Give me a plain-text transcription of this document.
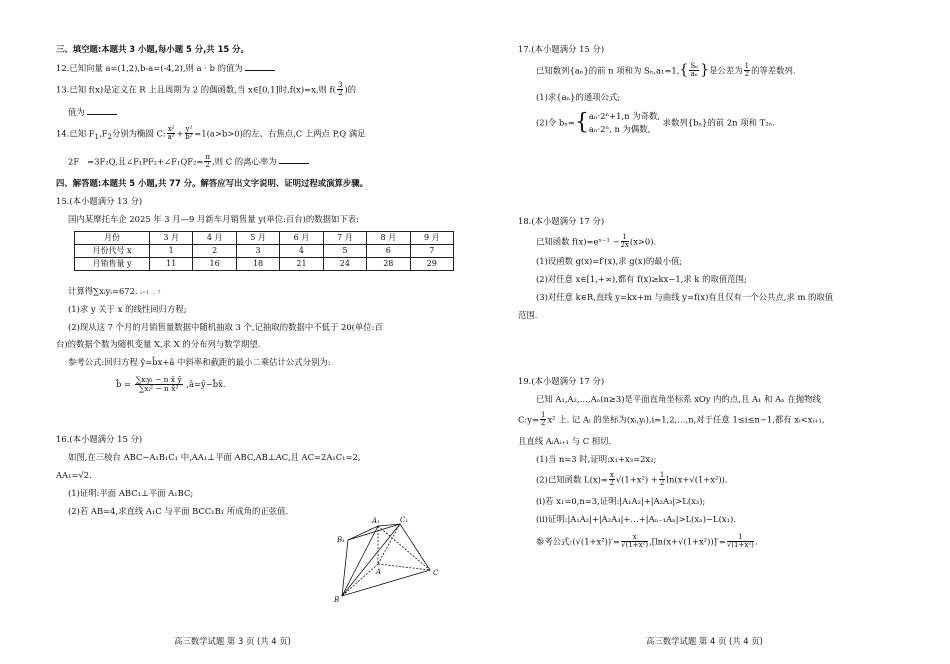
三、填空题:本题共 3 小题,每小题 5 分,共 15 分。
12.已知向量 a=(1,2),b-a=(-4,2),则 a · b 的值为
13.已知 f(x)是定义在 R 上且周期为 2 的偶函数,当 x∈[0,1]时,f(x)=x,则 $f( \frac{3}{2}$ )的
值为
14.已知 $F_1,F_2$分别为椭圆 C: $\frac{\text{x²}}{\text{a²}} + \frac{\text{y²}}{\text{b²}} =1(a>b>0)$的左、右焦点,C 上两点 P,Q 满足
2F =3F₂Q,且∠F₁PF₂+∠F₁QF₂= $\frac{\pi}{2}$ ,则 C 的离心率为
四、解答题:本题共 5 小题,共 77 分。解答应写出文字说明、证明过程或演算步骤。
15.(本小题满分 13 分)
国内某摩托车企 2025 年 3 月—9 月新车月销售量 y(单位:百台)的数据如下表:
月份	3 月	4 月	5 月	6 月	7 月	8 月	9 月
月份代号 x	1	2	3	4	5	6	7
月销售量 y	11	16	18	21	24	28	29
计算得∑xᵢyᵢ=672. i=1 … 7
(1)求 y 关于 x 的线性回归方程;
(2)现从这 7 个月的月销售量数据中随机抽取 3 个,记抽取的数据中不低于 20(单位:百
台)的数据个数为随机变量 X,求 X 的分布列与数学期望.
参考公式:回归方程 ŷ=b̂x+â 中斜率和截距的最小二乘估计公式分别为:
b̂ = $\frac{\text{∑xᵢyᵢ − n x̄ ȳ}}{\text{∑xᵢ² − n x̄²}}$ ,â=ȳ−b̂x̄.
16.(本小题满分 15 分)
如图,在三棱台 ABC−A₁B₁C₁ 中,AA₁⊥平面 ABC,AB⊥AC,且 AC=2A₁C₁=2,
AA₁=√2.
(1)证明:平面 ABC₁⊥平面 A₁BC;
(2)若 AB=4,求直线 A₁C 与平面 BCC₁B₁ 所成角的正弦值.
A₁	C₁
B₁
A
B
C
高三数学试题 第 3 页 (共 4 页)
17.(本小题满分 15 分)
已知数列{aₙ}的前 n 项和为 $S_n,a_1=1,\{ \frac{\text{Sₙ}}{\text{aₙ}}$ }是公差为 $\frac{1}{2}$ 的等差数列.
(1)求{aₙ}的通项公式;
(2)令 bₙ={ aₙ·2ⁿ+1,n 为奇数,
aₙ·2ⁿ, n 为偶数,
求数列{bₙ}的前 2n 项和 T₂ₙ.
18.(本小题满分 17 分)
已知函数 f(x)=eˣ⁻¹ − $\frac{1}{2x} (x>0)$.
(1)设函数 g(x)=f′(x),求 g(x)的最小值;
(2)对任意 x∈[1,+∞),都有 f(x)≥kx−1,求 k 的取值范围;
(3)对任意 k∈R,直线 y=kx+m 与曲线 y=f(x)有且仅有一个公共点,求 m 的取值
范围.
19.(本小题满分 17 分)
已知 A₁,A₂,…,Aₙ(n≥3)是平面直角坐标系 xOy 内的点,且 A₁ 和 Aₙ 在抛物线
C:y= $\frac{1}{2} x^2$ 上. 记 Aᵢ 的坐标为(xᵢ,yᵢ),i=1,2,…,n,对于任意 1≤i≤n−1,都有 xᵢ<xᵢ₊₁,
且直线 AᵢAᵢ₊₁ 与 C 相切.
(1)当 n=3 时,证明:x₁+x₃=2x₂;
(2)已知函数 $L(x)= \frac{x}{2} √(1+x^2) + \frac{1}{2} \ln(x+√(1+x^2))$.
(i)若 x₁=0,n=3,证明:|A₁A₂|+|A₂A₃|>L(x₃);
(ii)证明:|A₁A₂|+|A₂A₃|+…+|Aₙ₋₁Aₙ|>L(xₙ)−L(x₁).
参考公式:(√(1+x²))′= $\frac{x}{\text{√(1+x²)}} ,[\ln(x+√(1+x^2))]'= \frac{1}{\text{√(1+x²)}}$ .
高三数学试题 第 4 页 (共 4 页)
